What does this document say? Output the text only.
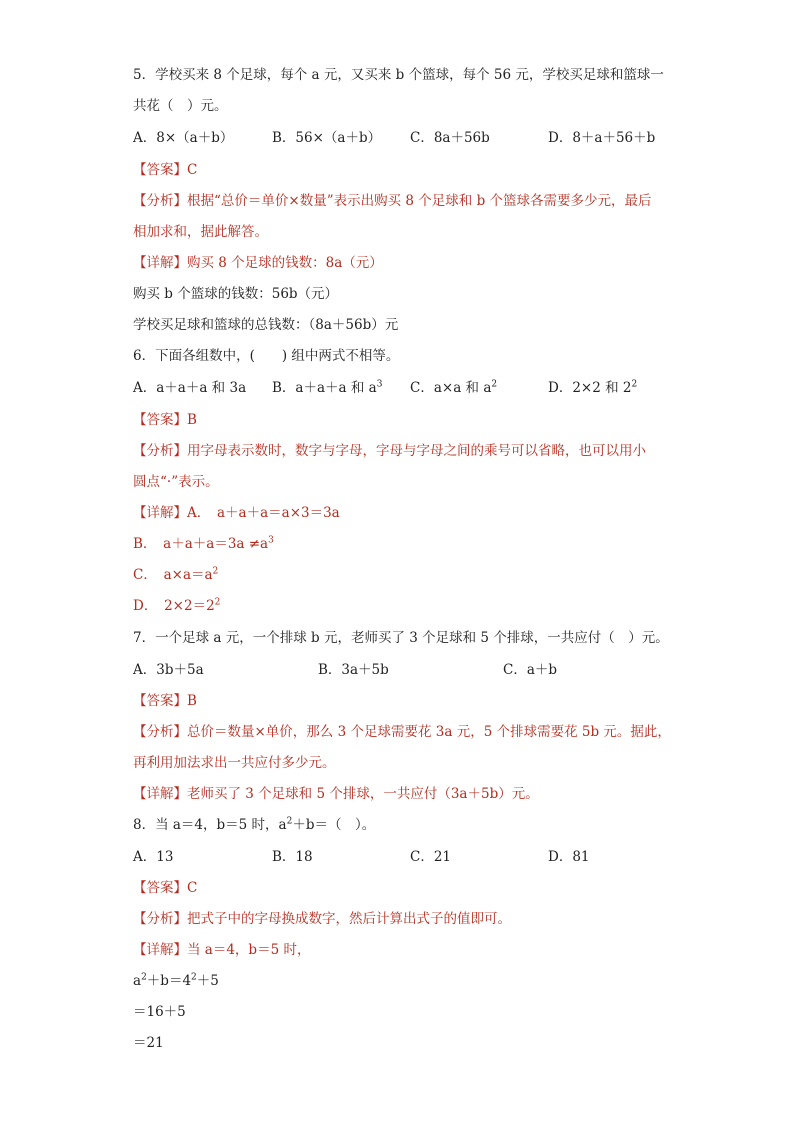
5．学校买来 8 个足球，每个 a 元，又买来 b 个篮球，每个 56 元，学校买足球和篮球一
共花（　）元。
A．8×（a＋b）	B．56×（a＋b） C．8a＋56b	D．8＋a＋56＋b
【答案】C
【分析】根据“总价＝单价×数量”表示出购买 8 个足球和 b 个篮球各需要多少元，最后
相加求和，据此解答。
【详解】购买 8 个足球的钱数：8a（元）
购买 b 个篮球的钱数：56b（元）
学校买足球和篮球的总钱数：（8a＋56b）元
6．下面各组数中，(　　) 组中两式不相等。
A．a＋a＋a 和 3a B．a＋a＋a 和 $a^3$ C．a×a 和 $a^2$	D．2×2 和 $2^2$
【答案】B
【分析】用字母表示数时，数字与字母，字母与字母之间的乘号可以省略，也可以用小
圆点“·”表示。
【详解】A．　a＋a＋a＝a×3＝3a
B．　$a+a+a=3a \ne a^3$
C．　$a\times a=a^2$
D．　$2\times 2=2^2$
7．一个足球 a 元，一个排球 b 元，老师买了 3 个足球和 5 个排球，一共应付（　）元。
A．3b＋5a	B．3a＋5b	C．a＋b
【答案】B
【分析】总价＝数量×单价，那么 3 个足球需要花 3a 元，5 个排球需要花 5b 元。据此，
再利用加法求出一共应付多少元。
【详解】老师买了 3 个足球和 5 个排球，一共应付（3a＋5b）元。
8．当 a＝4，b＝5 时，$a^2+b=$（　）。
A．13	B．18	C．21	D．81
【答案】C
【分析】把式子中的字母换成数字，然后计算出式子的值即可。
【详解】当 a＝4，b＝5 时，
$a^2+b=4^2+5$
＝16＋5
＝21
